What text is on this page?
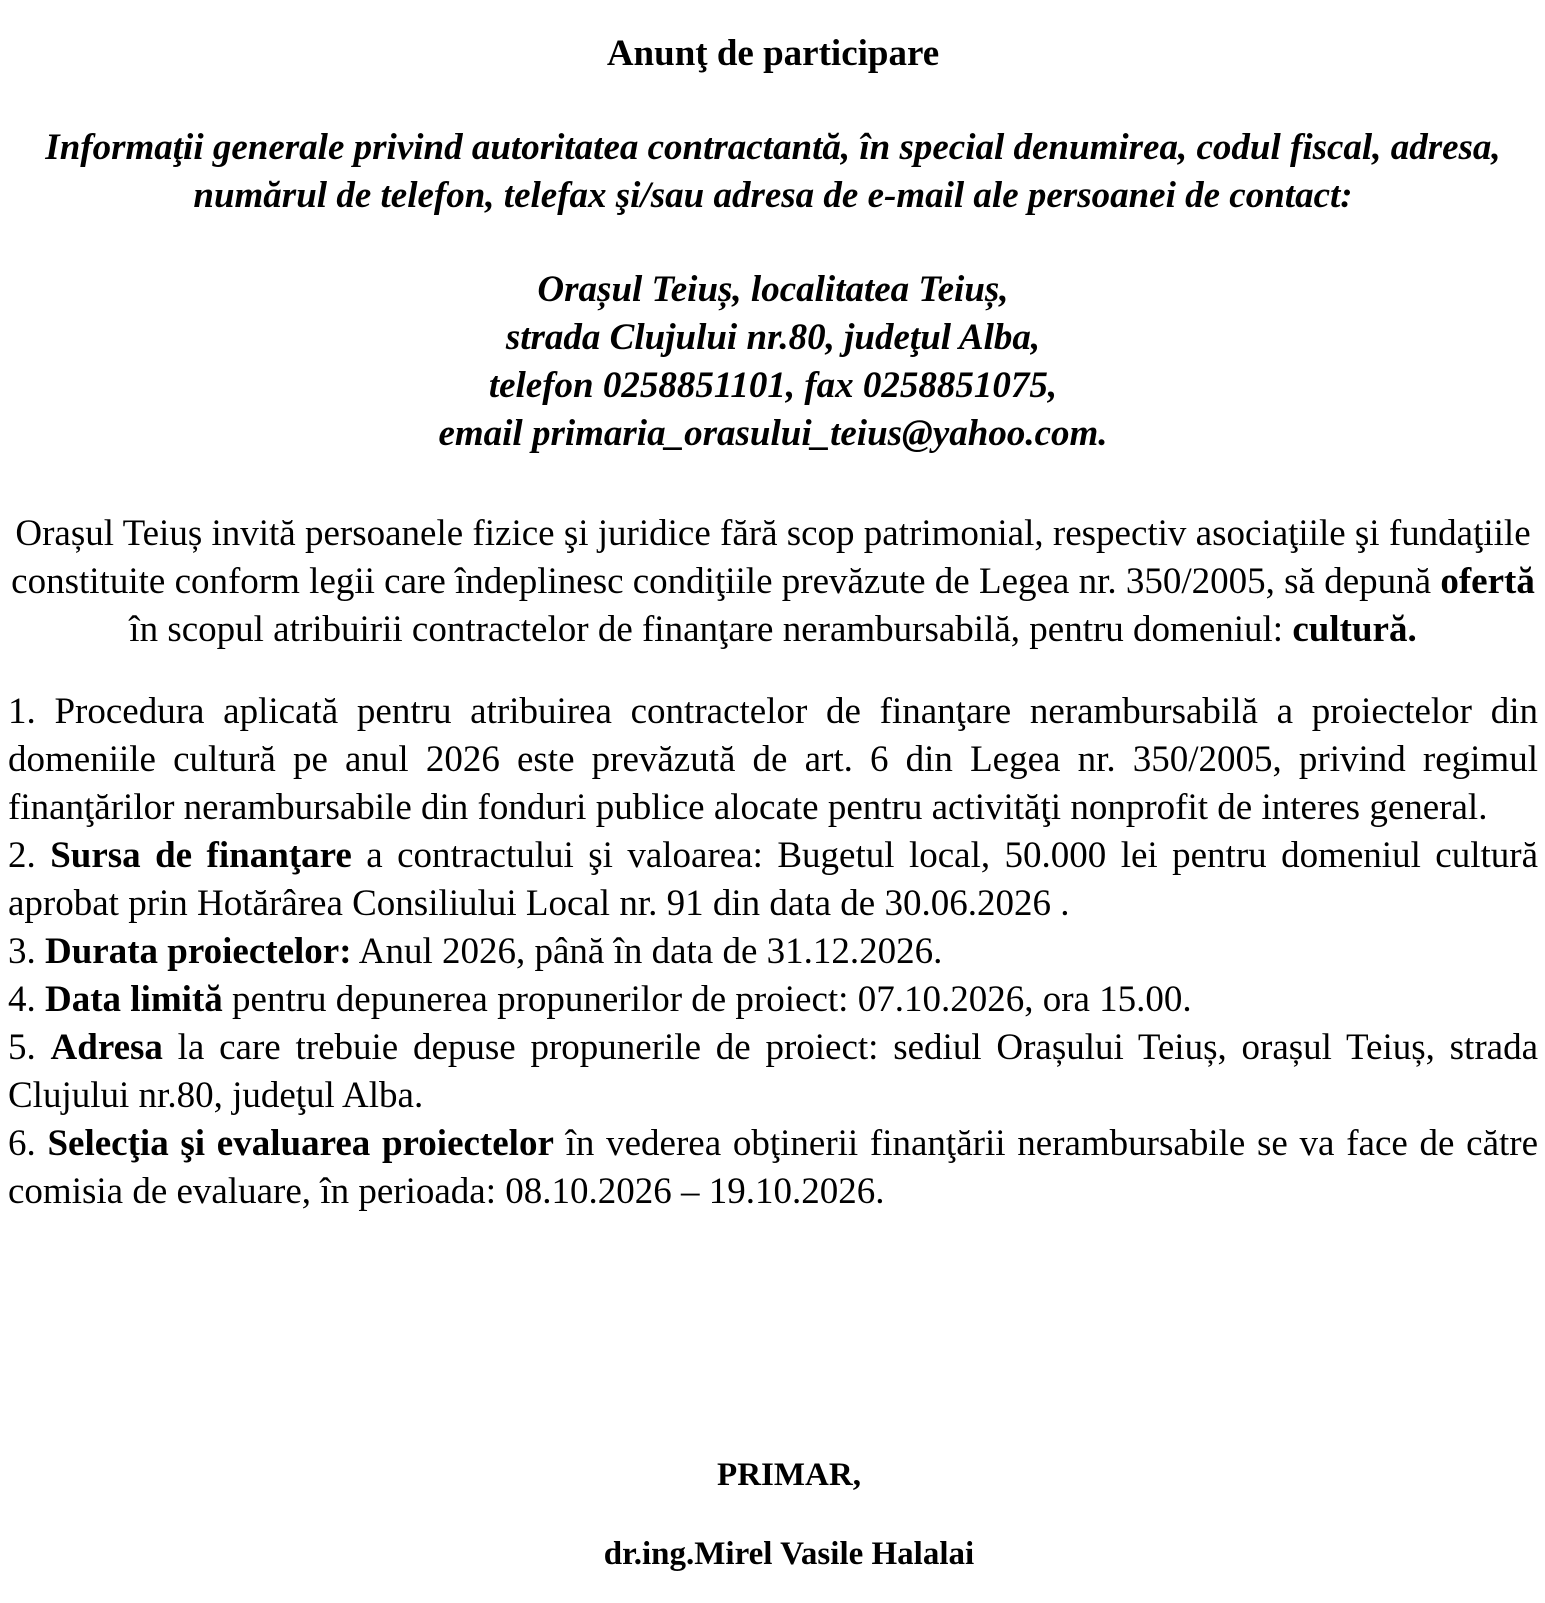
Anunţ de participare
Informaţii generale privind autoritatea contractantă, în special denumirea, codul fiscal, adresa, numărul de telefon, telefax şi/sau adresa de e-mail ale persoanei de contact:
Orașul Teiuș, localitatea Teiuș,
strada Clujului nr.80, judeţul Alba,
telefon 0258851101, fax 0258851075,
email primaria_orasului_teius@yahoo.com.
Orașul Teiuș invită persoanele fizice şi juridice fără scop patrimonial, respectiv asociaţiile şi fundaţiile constituite conform legii care îndeplinesc condiţiile prevăzute de Legea nr. 350/2005, să depună ofertă în scopul atribuirii contractelor de finanţare nerambursabilă, pentru domeniul: cultură.

1. Procedura aplicată pentru atribuirea contractelor de finanţare nerambursabilă a proiectelor din domeniile cultură pe anul 2026 este prevăzută de art. 6 din Legea nr. 350/2005, privind regimul finanţărilor nerambursabile din fonduri publice alocate pentru activităţi nonprofit de interes general.

2. Sursa de finanţare a contractului şi valoarea: Bugetul local, 50.000 lei pentru domeniul cultură aprobat prin Hotărârea Consiliului Local nr. 91 din data de 30.06.2026 .

3. Durata proiectelor: Anul 2026, până în data de 31.12.2026.

4. Data limită pentru depunerea propunerilor de proiect: 07.10.2026, ora 15.00.

5. Adresa la care trebuie depuse propunerile de proiect: sediul Orașului Teiuș, orașul Teiuș, strada Clujului nr.80, judeţul Alba.

6. Selecţia şi evaluarea proiectelor în vederea obţinerii finanţării nerambursabile se va face de către comisia de evaluare, în perioada: 08.10.2026 – 19.10.2026.

PRIMAR,
dr.ing.Mirel Vasile Halalai
